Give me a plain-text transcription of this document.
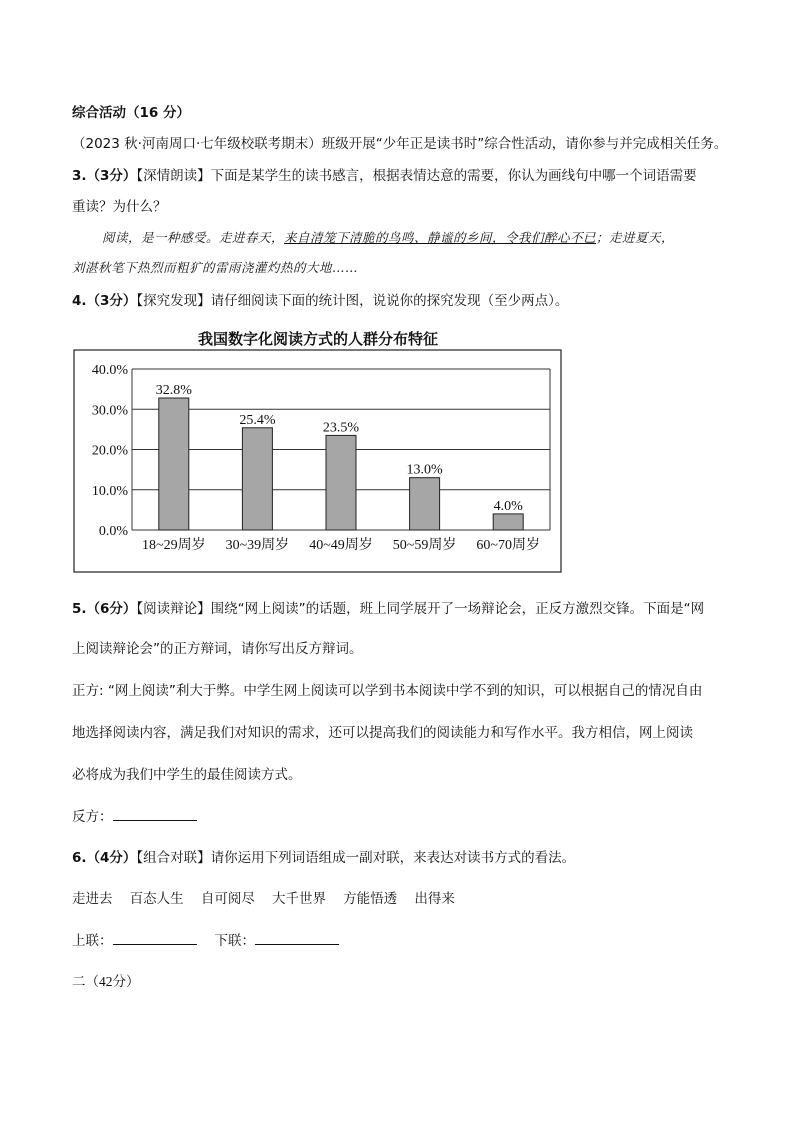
综合活动（16 分）
（2023 秋·河南周口·七年级校联考期末）班级开展“少年正是读书时”综合性活动，请你参与并完成相关任务。
3.（3分）【深情朗读】下面是某学生的读书感言，根据表情达意的需要，你认为画线句中哪一个词语需要
重读？为什么？
阅读，是一种感受。走进春天，来自清笼下清脆的鸟鸣、静谧的乡间，令我们醉心不已；走进夏天，
刘湛秋笔下热烈而粗犷的雷雨浇灌灼热的大地……
4.（3分）【探究发现】请仔细阅读下面的统计图，说说你的探究发现（至少两点）。
我国数字化阅读方式的人群分布特征
0.0%
10.0%
20.0%
30.0%
40.0%
18~29周岁 30~39周岁 40~49周岁 50~59周岁 60~70周岁
32.8%
25.4%
23.5%
13.0%
4.0%
5.（6分）【阅读辩论】围绕“网上阅读”的话题，班上同学展开了一场辩论会，正反方激烈交锋。下面是“网
上阅读辩论会”的正方辩词，请你写出反方辩词。
正方: “网上阅读”利大于弊。中学生网上阅读可以学到书本阅读中学不到的知识，可以根据自己的情况自由
地选择阅读内容，满足我们对知识的需求，还可以提高我们的阅读能力和写作水平。我方相信，网上阅读
必将成为我们中学生的最佳阅读方式。
反方：
6.（4分）【组合对联】请你运用下列词语组成一副对联，来表达对读书方式的看法。
走进去    百态人生    自可阅尽    大千世界    方能悟透    出得来
上联：	下联：
二（42分）
